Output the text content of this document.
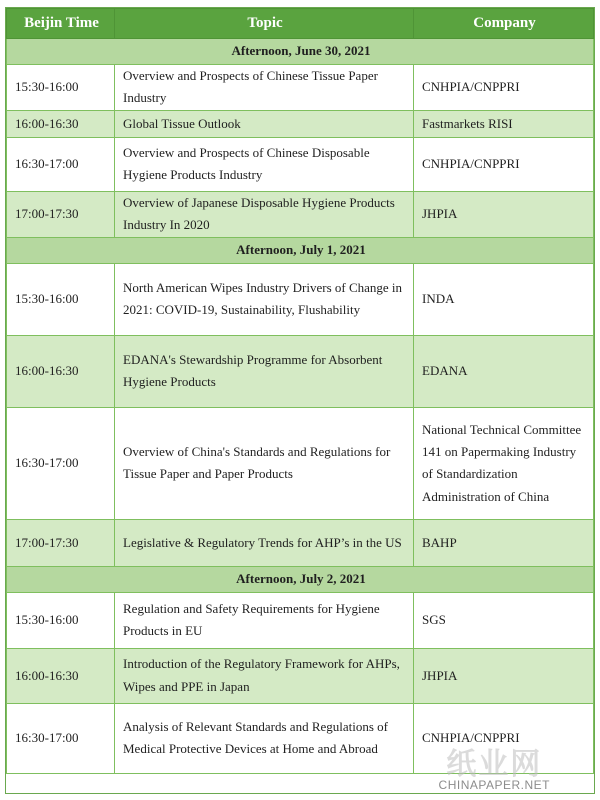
Beijin Time	Topic	Company
Afternoon, June 30, 2021		
15:30-16:00	Overview and Prospects of Chinese Tissue Paper Industry	CNHPIA/CNPPRI
16:00-16:30	Global Tissue Outlook	Fastmarkets RISI
16:30-17:00	Overview and Prospects of Chinese Disposable Hygiene Products Industry	CNHPIA/CNPPRI
17:00-17:30	Overview of Japanese Disposable Hygiene Products Industry In 2020	JHPIA
Afternoon, July 1, 2021		
15:30-16:00	North American Wipes Industry Drivers of Change in 2021: COVID-19, Sustainability, Flushability	INDA
16:00-16:30	EDANA's Stewardship Programme for Absorbent Hygiene Products	EDANA
16:30-17:00	Overview of China's Standards and Regulations for Tissue Paper and Paper Products	National Technical Committee 141 on Papermaking Industry of Standardization Administration of China
17:00-17:30	Legislative & Regulatory Trends for AHP’s in the US	BAHP
Afternoon, July 2, 2021		
15:30-16:00	Regulation and Safety Requirements for Hygiene Products in EU	SGS
16:00-16:30	Introduction of the Regulatory Framework for AHPs, Wipes and PPE in Japan	JHPIA
16:30-17:00	Analysis of Relevant Standards and Regulations of Medical Protective Devices at Home and Abroad	CNHPIA/CNPPRI
纸业网
CHINAPAPER.NET
